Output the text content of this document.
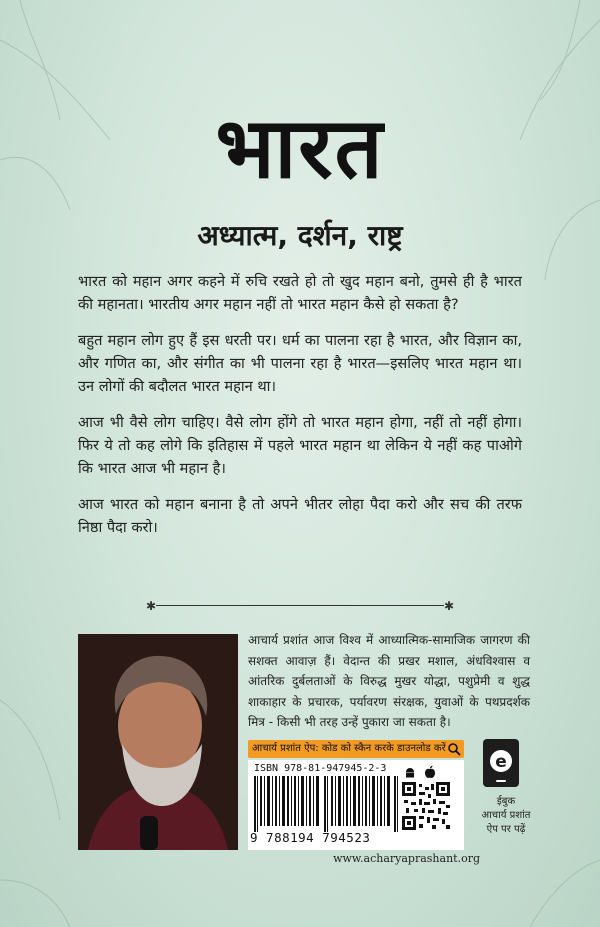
भारत
अध्यात्म, दर्शन, राष्ट्र

भारत को महान अगर कहने में रुचि रखते हो तो खुद महान बनो, तुमसे ही है भारत की महानता। भारतीय अगर महान नहीं तो भारत महान कैसे हो सकता है?

बहुत महान लोग हुए हैं इस धरती पर। धर्म का पालना रहा है भारत, और विज्ञान का, और गणित का, और संगीत का भी पालना रहा है भारत—इसलिए भारत महान था। उन लोगों की बदौलत भारत महान था।

आज भी वैसे लोग चाहिए। वैसे लोग होंगे तो भारत महान होगा, नहीं तो नहीं होगा। फिर ये तो कह लोगे कि इतिहास में पहले भारत महान था लेकिन ये नहीं कह पाओगे कि भारत आज भी महान है।

आज भारत को महान बनाना है तो अपने भीतर लोहा पैदा करो और सच की तरफ निष्ठा पैदा करो।

✱	✱

आचार्य प्रशांत आज विश्व में आध्यात्मिक-सामाजिक जागरण की सशक्त आवाज़ हैं। वेदान्त की प्रखर मशाल, अंधविश्वास व आंतरिक दुर्बलताओं के विरुद्ध मुखर योद्धा, पशुप्रेमी व शुद्ध शाकाहार के प्रचारक, पर्यावरण संरक्षक, युवाओं के पथप्रदर्शक मित्र - किसी भी तरह उन्हें पुकारा जा सकता है।

आचार्य प्रशांत ऐप: कोड को स्कैन करके डाउनलोड करें
ISBN 978-81-947945-2-3
9 788194 794523
e
ईबुक
आचार्य प्रशांत
ऐप पर पढ़ें
www.acharyaprashant.org
